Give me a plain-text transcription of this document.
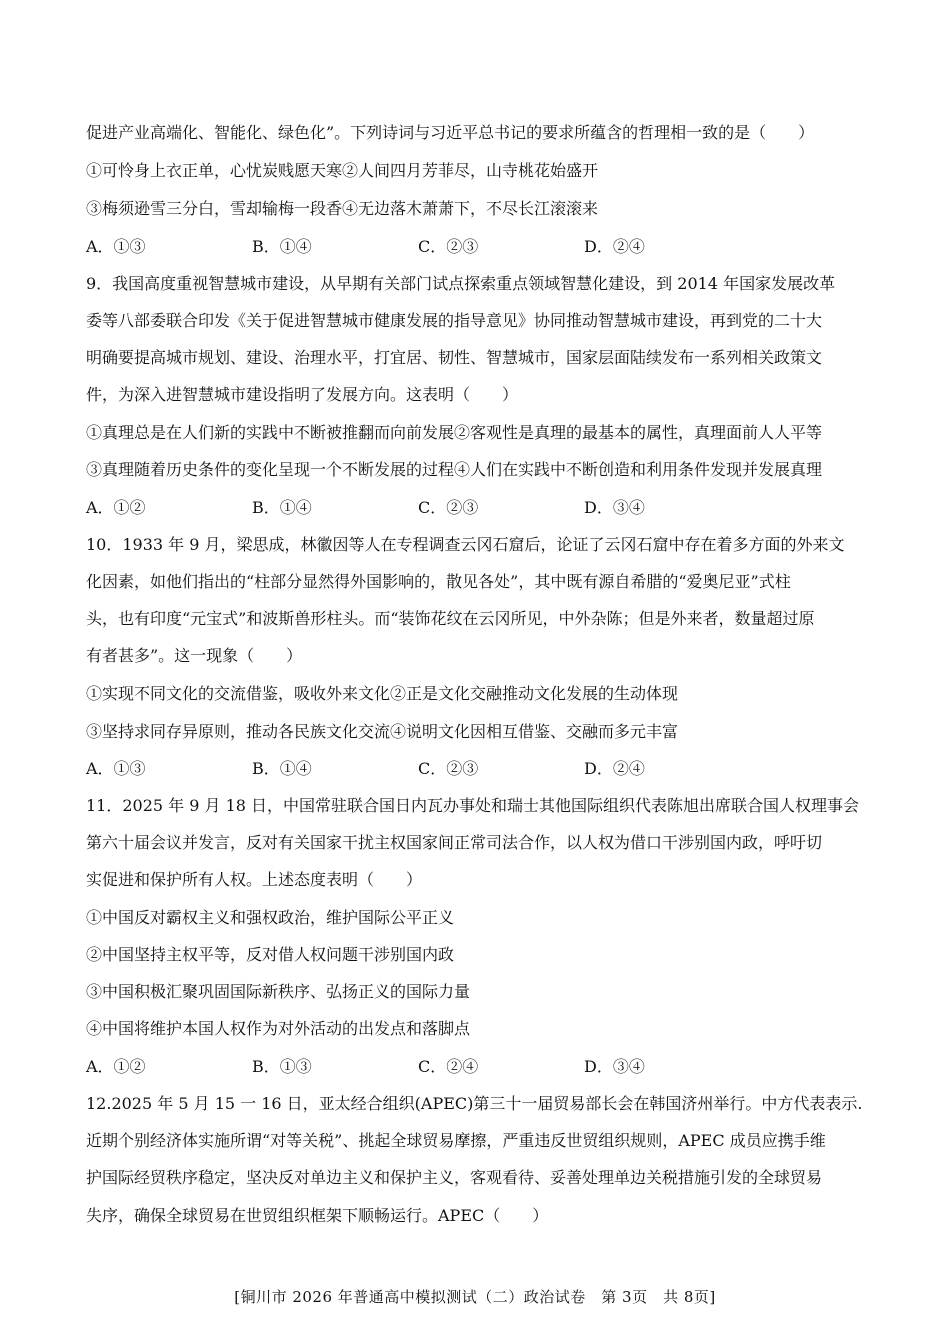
促进产业高端化、智能化、绿色化”。下列诗词与习近平总书记的要求所蕴含的哲理相一致的是（　　）
①可怜身上衣正单，心忧炭贱愿天寒②人间四月芳菲尽，山寺桃花始盛开
③梅须逊雪三分白，雪却输梅一段香④无边落木萧萧下，不尽长江滚滚来
A．①③	B．①④	C．②③	D．②④
9．我国高度重视智慧城市建设，从早期有关部门试点探索重点领域智慧化建设，到 2014 年国家发展改革
委等八部委联合印发《关于促进智慧城市健康发展的指导意见》协同推动智慧城市建设，再到党的二十大
明确要提高城市规划、建设、治理水平，打宜居、韧性、智慧城市，国家层面陆续发布一系列相关政策文
件，为深入进智慧城市建设指明了发展方向。这表明（　　）
①真理总是在人们新的实践中不断被推翻而向前发展②客观性是真理的最基本的属性，真理面前人人平等
③真理随着历史条件的变化呈现一个不断发展的过程④人们在实践中不断创造和利用条件发现并发展真理
A．①②	B．①④	C．②③	D．③④
10．1933 年 9 月，梁思成，林徽因等人在专程调查云冈石窟后，论证了云冈石窟中存在着多方面的外来文
化因素，如他们指出的“柱部分显然得外国影响的，散见各处”，其中既有源自希腊的“爱奥尼亚”式柱
头，也有印度“元宝式”和波斯兽形柱头。而“装饰花纹在云冈所见，中外杂陈；但是外来者，数量超过原
有者甚多”。这一现象（　　）
①实现不同文化的交流借鉴，吸收外来文化②正是文化交融推动文化发展的生动体现
③坚持求同存异原则，推动各民族文化交流④说明文化因相互借鉴、交融而多元丰富
A．①③	B．①④	C．②③	D．②④
11．2025 年 9 月 18 日，中国常驻联合国日内瓦办事处和瑞士其他国际组织代表陈旭出席联合国人权理事会
第六十届会议并发言，反对有关国家干扰主权国家间正常司法合作，以人权为借口干涉别国内政，呼吁切
实促进和保护所有人权。上述态度表明（　　）
①中国反对霸权主义和强权政治，维护国际公平正义
②中国坚持主权平等，反对借人权问题干涉别国内政
③中国积极汇聚巩固国际新秩序、弘扬正义的国际力量
④中国将维护本国人权作为对外活动的出发点和落脚点
A．①②	B．①③	C．②④	D．③④
12.2025 年 5 月 15 一 16 日，亚太经合组织(APEC)第三十一届贸易部长会在韩国济州举行。中方代表表示.
近期个别经济体实施所谓“对等关税”、挑起全球贸易摩擦，严重违反世贸组织规则，APEC 成员应携手维
护国际经贸秩序稳定，坚决反对单边主义和保护主义，客观看待、妥善处理单边关税措施引发的全球贸易
失序，确保全球贸易在世贸组织框架下顺畅运行。APEC（　　）
[铜川市 2026 年普通高中模拟测试（二）政治试卷　第 3页　共 8页]
